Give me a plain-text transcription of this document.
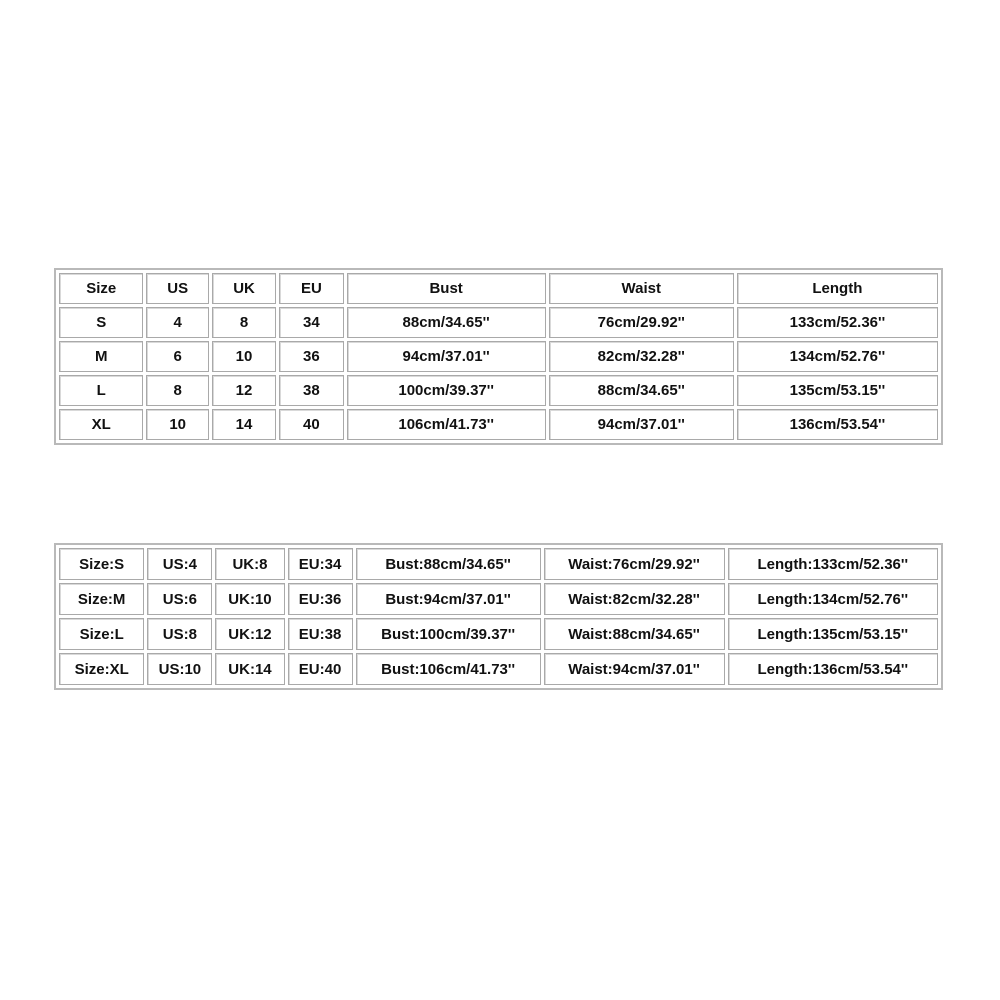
Size	US	UK	EU	Bust	Waist	Length
S	4	8	34	88cm/34.65''	76cm/29.92''	133cm/52.36''
M	6	10	36	94cm/37.01''	82cm/32.28''	134cm/52.76''
L	8	12	38	100cm/39.37''	88cm/34.65''	135cm/53.15''
XL	10	14	40	106cm/41.73''	94cm/37.01''	136cm/53.54''
Size:S	US:4	UK:8	EU:34	Bust:88cm/34.65''	Waist:76cm/29.92''	Length:133cm/52.36''
Size:M	US:6	UK:10	EU:36	Bust:94cm/37.01''	Waist:82cm/32.28''	Length:134cm/52.76''
Size:L	US:8	UK:12	EU:38	Bust:100cm/39.37''	Waist:88cm/34.65''	Length:135cm/53.15''
Size:XL	US:10	UK:14	EU:40	Bust:106cm/41.73''	Waist:94cm/37.01''	Length:136cm/53.54''
